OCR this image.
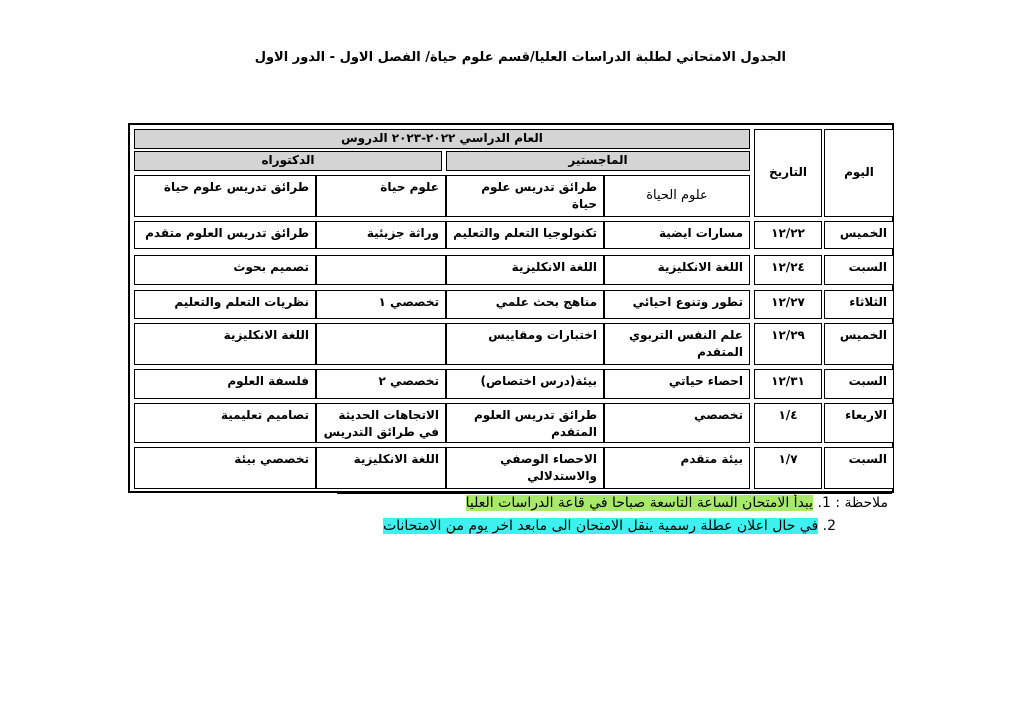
الجدول الامتحاني لطلبة الدراسات العليا/قسم علوم حياة/ الفصل الاول - الدور الاول
اليوم
التاريخ
العام الدراسي ٢٠٢٢-٢٠٢٣ الدروس
الماجستير
الدكتوراه
علوم الحياة
طرائق تدريس علوم حياة
علوم حياة
طرائق تدريس علوم حياة
الخميس
١٢/٢٢
مسارات ايضية
تكنولوجيا التعلم والتعليم
وراثة جزيئية
طرائق تدريس العلوم متقدم
السبت
١٢/٢٤
اللغة الانكليزية
اللغة الانكليزية
تصميم بحوث
الثلاثاء
١٢/٢٧
تطور وتنوع احيائي
مناهج بحث علمي
تخصصي ١
نظريات التعلم والتعليم
الخميس
١٢/٢٩
علم النفس التربوي المتقدم
اختبارات ومقاييس
اللغة الانكليزية
السبت
١٢/٣١
احصاء حياتي
بيئة(درس اختصاص)
تخصصي ٢
فلسفة العلوم
الاربعاء
١/٤
تخصصي
طرائق تدريس العلوم المتقدم
الاتجاهات الحديثة في طرائق التدريس
تصاميم تعليمية
السبت
١/٧
بيئة متقدم
الاحصاء الوصفي والاستدلالي
اللغة الانكليزية
تخصصي بيئة
ملاحظة : 1. يبدأ الامتحان الساعة التاسعة صباحا في قاعة الدراسات العليا
2. في حال اعلان عطلة رسمية ينقل الامتحان الى مابعد اخر يوم من الامتحانات
